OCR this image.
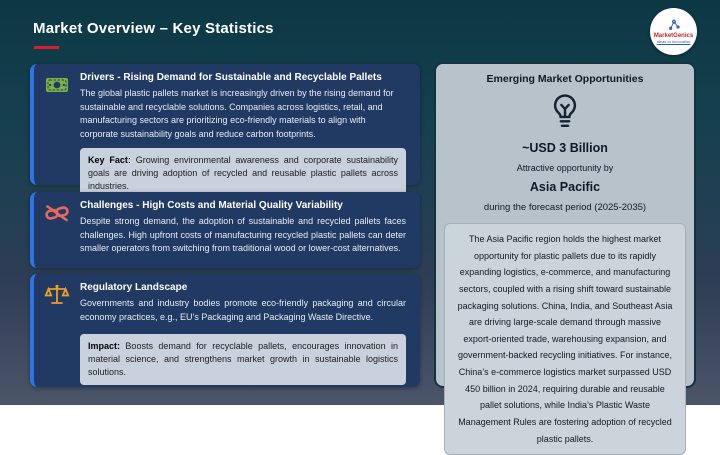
Market Overview – Key Statistics	MarketGenics
Ideas to Innovation
Drivers - Rising Demand for Sustainable and Recyclable Pallets
The global plastic pallets market is increasingly driven by the rising demand for sustainable and recyclable solutions. Companies across logistics, retail, and manufacturing sectors are prioritizing eco-friendly materials to align with corporate sustainability goals and reduce carbon footprints.
Key Fact: Growing environmental awareness and corporate sustainability goals are driving adoption of recycled and reusable plastic pallets across industries.
Challenges - High Costs and Material Quality Variability
Despite strong demand, the adoption of sustainable and recycled pallets faces challenges. High upfront costs of manufacturing recycled plastic pallets can deter smaller operators from switching from traditional wood or lower-cost alternatives.
Regulatory Landscape
Governments and industry bodies promote eco-friendly packaging and circular economy practices, e.g., EU’s Packaging and Packaging Waste Directive.
Impact: Boosts demand for recyclable pallets, encourages innovation in material science, and strengthens market growth in sustainable logistics solutions.
Emerging Market Opportunities
~USD 3 Billion
Attractive opportunity by
Asia Pacific
during the forecast period (2025-2035)
The Asia Pacific region holds the highest market opportunity for plastic pallets due to its rapidly expanding logistics, e-commerce, and manufacturing sectors, coupled with a rising shift toward sustainable packaging solutions. China, India, and Southeast Asia are driving large-scale demand through massive export-oriented trade, warehousing expansion, and government-backed recycling initiatives. For instance, China’s e-commerce logistics market surpassed USD 450 billion in 2024, requiring durable and reusable pallet solutions, while India’s Plastic Waste Management Rules are fostering adoption of recycled plastic pallets.
